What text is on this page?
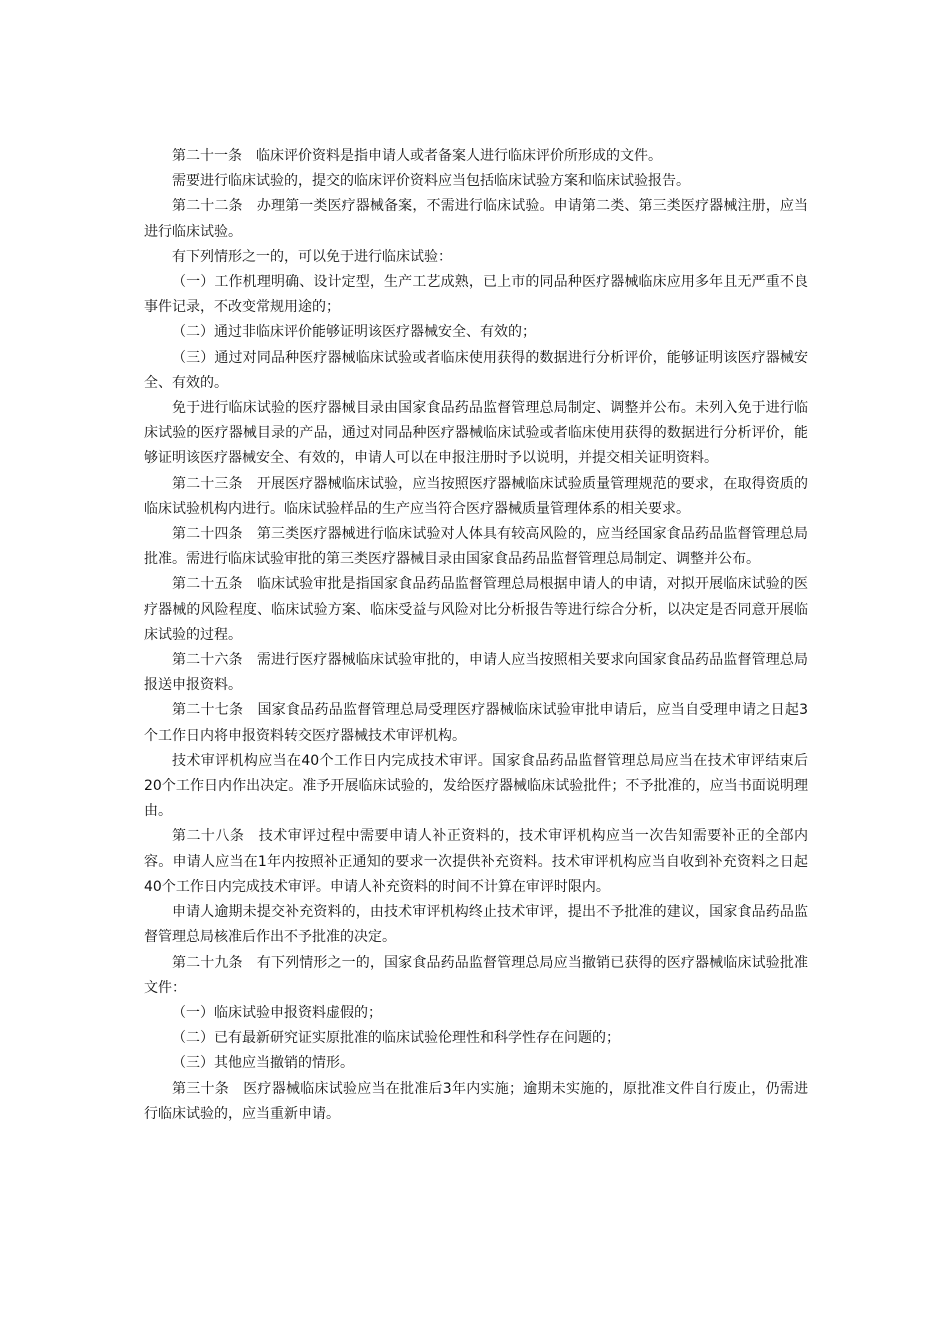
第二十一条　临床评价资料是指申请人或者备案人进行临床评价所形成的文件。

需要进行临床试验的，提交的临床评价资料应当包括临床试验方案和临床试验报告。

第二十二条　办理第一类医疗器械备案，不需进行临床试验。申请第二类、第三类医疗器械注册，应当进行临床试验。

有下列情形之一的，可以免于进行临床试验：

（一）工作机理明确、设计定型，生产工艺成熟，已上市的同品种医疗器械临床应用多年且无严重不良事件记录，不改变常规用途的；

（二）通过非临床评价能够证明该医疗器械安全、有效的；

（三）通过对同品种医疗器械临床试验或者临床使用获得的数据进行分析评价，能够证明该医疗器械安全、有效的。

免于进行临床试验的医疗器械目录由国家食品药品监督管理总局制定、调整并公布。未列入免于进行临床试验的医疗器械目录的产品，通过对同品种医疗器械临床试验或者临床使用获得的数据进行分析评价，能够证明该医疗器械安全、有效的，申请人可以在申报注册时予以说明，并提交相关证明资料。

第二十三条　开展医疗器械临床试验，应当按照医疗器械临床试验质量管理规范的要求，在取得资质的临床试验机构内进行。临床试验样品的生产应当符合医疗器械质量管理体系的相关要求。

第二十四条　第三类医疗器械进行临床试验对人体具有较高风险的，应当经国家食品药品监督管理总局批准。需进行临床试验审批的第三类医疗器械目录由国家食品药品监督管理总局制定、调整并公布。

第二十五条　临床试验审批是指国家食品药品监督管理总局根据申请人的申请，对拟开展临床试验的医疗器械的风险程度、临床试验方案、临床受益与风险对比分析报告等进行综合分析，以决定是否同意开展临床试验的过程。

第二十六条　需进行医疗器械临床试验审批的，申请人应当按照相关要求向国家食品药品监督管理总局报送申报资料。

第二十七条　国家食品药品监督管理总局受理医疗器械临床试验审批申请后，应当自受理申请之日起3个工作日内将申报资料转交医疗器械技术审评机构。

技术审评机构应当在40个工作日内完成技术审评。国家食品药品监督管理总局应当在技术审评结束后20个工作日内作出决定。准予开展临床试验的，发给医疗器械临床试验批件；不予批准的，应当书面说明理由。

第二十八条　技术审评过程中需要申请人补正资料的，技术审评机构应当一次告知需要补正的全部内容。申请人应当在1年内按照补正通知的要求一次提供补充资料。技术审评机构应当自收到补充资料之日起40个工作日内完成技术审评。申请人补充资料的时间不计算在审评时限内。

申请人逾期未提交补充资料的，由技术审评机构终止技术审评，提出不予批准的建议，国家食品药品监督管理总局核准后作出不予批准的决定。

第二十九条　有下列情形之一的，国家食品药品监督管理总局应当撤销已获得的医疗器械临床试验批准文件：

（一）临床试验申报资料虚假的；

（二）已有最新研究证实原批准的临床试验伦理性和科学性存在问题的；

（三）其他应当撤销的情形。

第三十条　医疗器械临床试验应当在批准后3年内实施；逾期未实施的，原批准文件自行废止，仍需进行临床试验的，应当重新申请。
